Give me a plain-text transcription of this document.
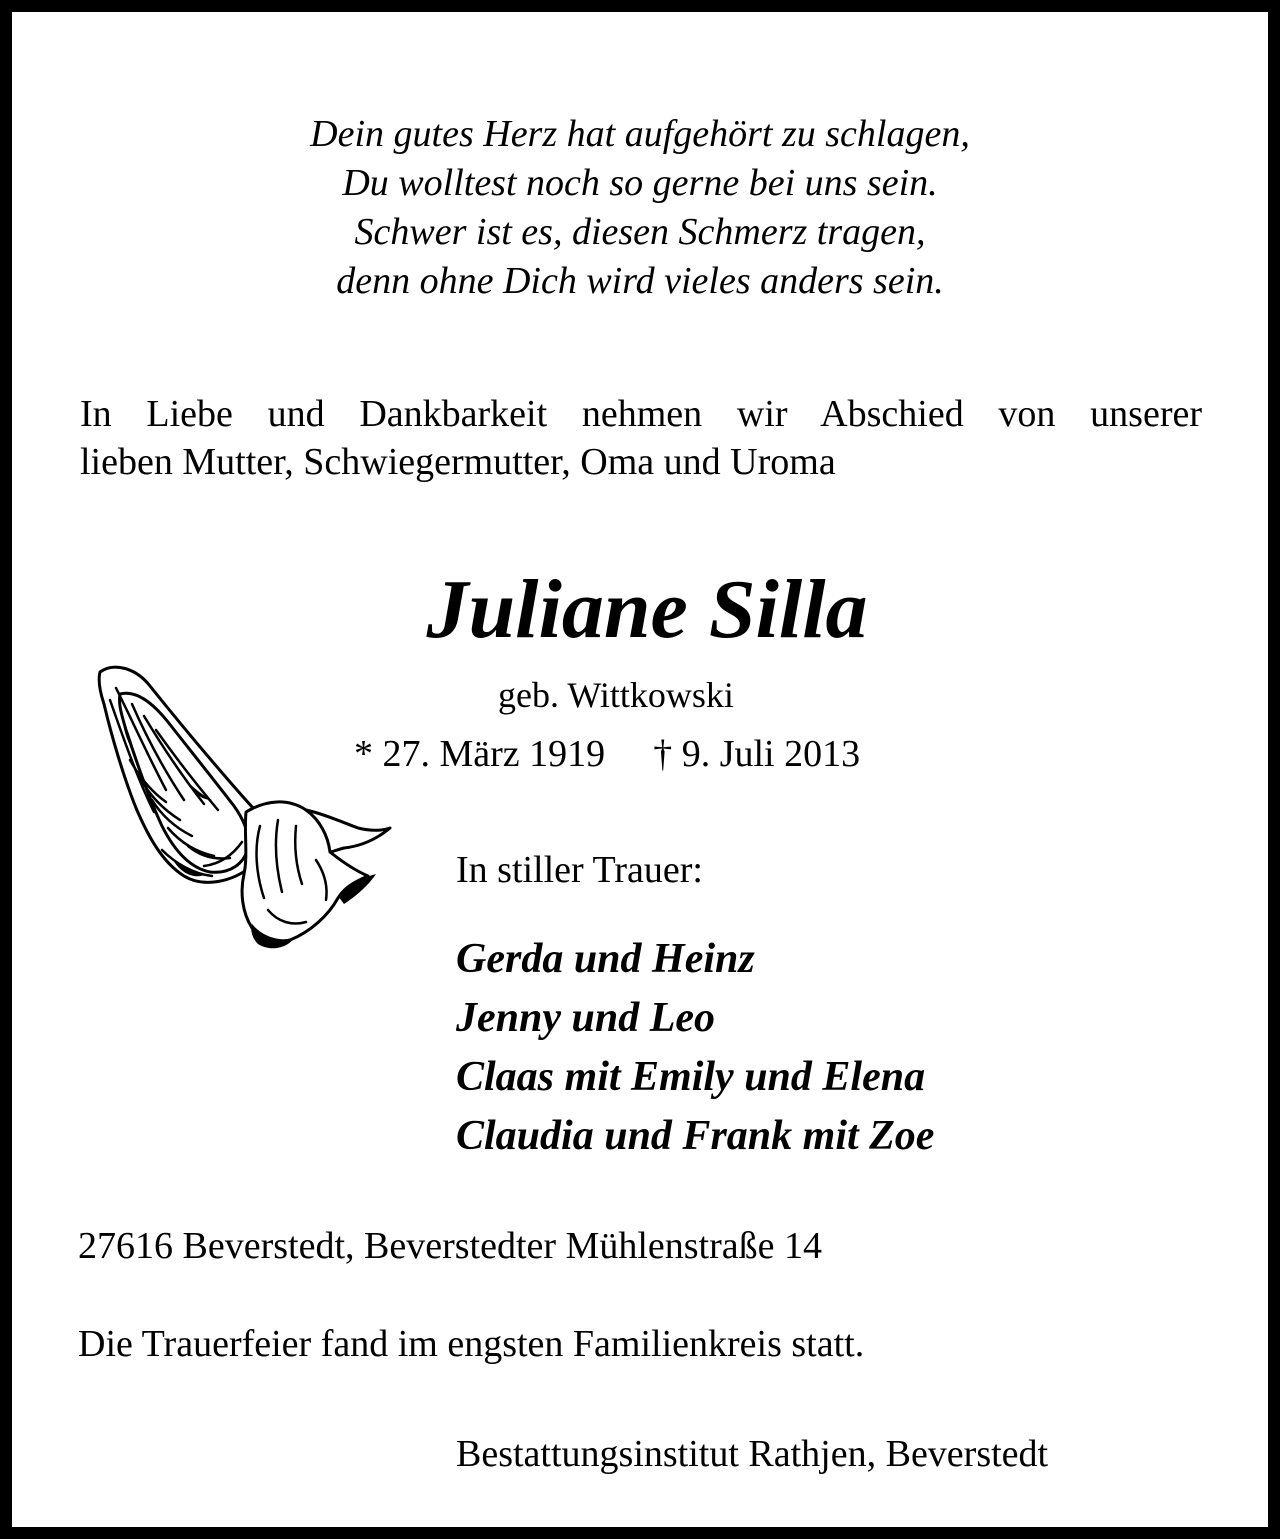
Dein gutes Herz hat aufgehört zu schlagen,
Du wolltest noch so gerne bei uns sein.
Schwer ist es, diesen Schmerz tragen,
denn ohne Dich wird vieles anders sein.
In Liebe und Dankbarkeit nehmen wir Abschied von unserer
lieben Mutter, Schwiegermutter, Oma und Uroma
Juliane Silla
geb. Wittkowski
* 27. März 1919 † 9. Juli 2013
In stiller Trauer:
Gerda und Heinz
Jenny und Leo
Claas mit Emily und Elena
Claudia und Frank mit Zoe
27616 Beverstedt, Beverstedter Mühlenstraße 14
Die Trauerfeier fand im engsten Familienkreis statt.
Bestattungsinstitut Rathjen, Beverstedt
